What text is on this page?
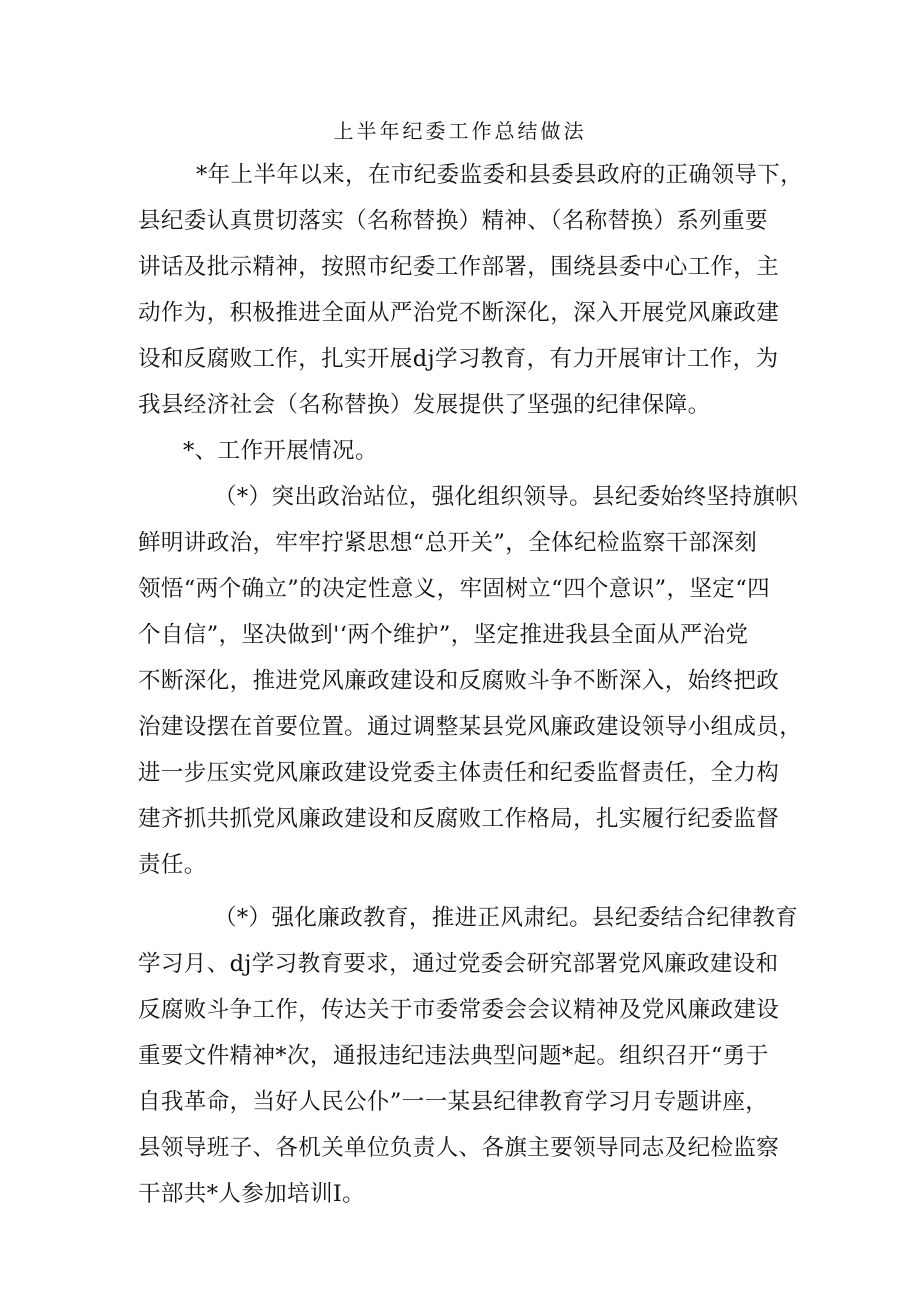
上半年纪委工作总结做法
*年上半年以来，在市纪委监委和县委县政府的正确领导下，
县纪委认真贯切落实（名称替换）精神、（名称替换）系列重要
讲话及批示精神，按照市纪委工作部署，围绕县委中心工作，主
动作为，积极推进全面从严治党不断深化，深入开展党风廉政建
设和反腐败工作，扎实开展dj学习教育，有力开展审计工作，为
我县经济社会（名称替换）发展提供了坚强的纪律保障。
*、工作开展情况。
（*）突出政治站位，强化组织领导。县纪委始终坚持旗帜
鲜明讲政治，牢牢拧紧思想“总开关”，全体纪检监察干部深刻
领悟“两个确立”的决定性意义，牢固树立“四个意识”，坚定“四
个自信”，坚决做到'‘两个维护”，坚定推进我县全面从严治党
不断深化，推进党风廉政建设和反腐败斗争不断深入，始终把政
治建设摆在首要位置。通过调整某县党风廉政建设领导小组成员，
进一步压实党风廉政建设党委主体责任和纪委监督责任，全力构
建齐抓共抓党风廉政建设和反腐败工作格局，扎实履行纪委监督
责任。
（*）强化廉政教育，推进正风肃纪。县纪委结合纪律教育
学习月、dj学习教育要求，通过党委会研究部署党风廉政建设和
反腐败斗争工作，传达关于市委常委会会议精神及党风廉政建设
重要文件精神*次，通报违纪违法典型问题*起。组织召开“勇于
自我革命，当好人民公仆”一一某县纪律教育学习月专题讲座，
县领导班子、各机关单位负责人、各旗主要领导同志及纪检监察
干部共*人参加培训I。
